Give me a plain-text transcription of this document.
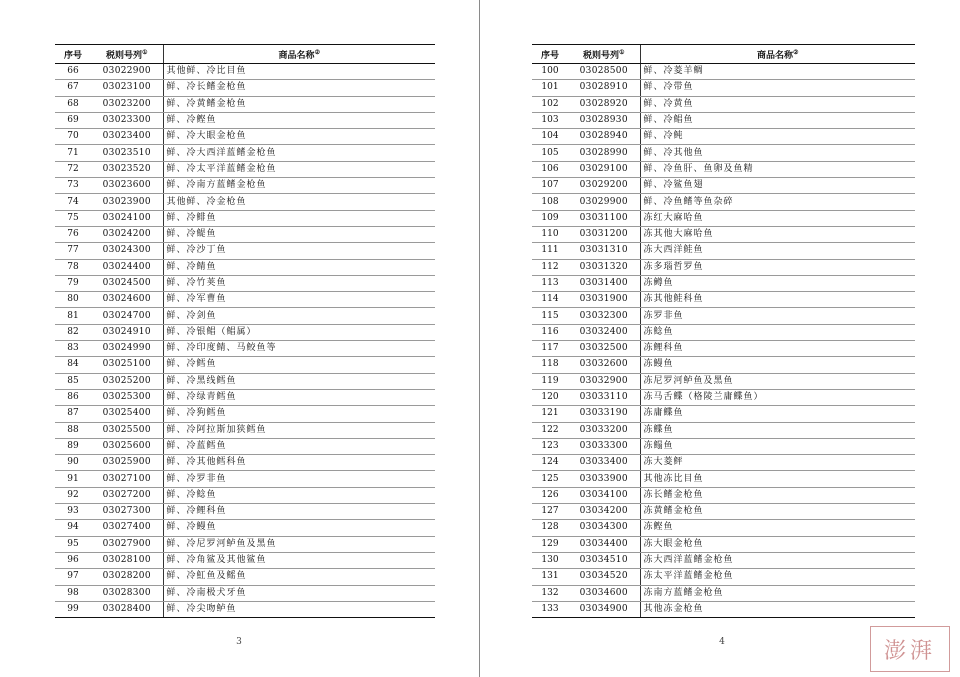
序号	税则号列①	商品名称②
66	03022900	其他鲜、冷比目鱼
67	03023100	鲜、冷长鳍金枪鱼
68	03023200	鲜、冷黄鳍金枪鱼
69	03023300	鲜、冷鲣鱼
70	03023400	鲜、冷大眼金枪鱼
71	03023510	鲜、冷大西洋蓝鳍金枪鱼
72	03023520	鲜、冷太平洋蓝鳍金枪鱼
73	03023600	鲜、冷南方蓝鳍金枪鱼
74	03023900	其他鲜、冷金枪鱼
75	03024100	鲜、冷鲱鱼
76	03024200	鲜、冷鳀鱼
77	03024300	鲜、冷沙丁鱼
78	03024400	鲜、冷鲭鱼
79	03024500	鲜、冷竹荚鱼
80	03024600	鲜、冷军曹鱼
81	03024700	鲜、冷剑鱼
82	03024910	鲜、冷银鲳（鲳属）
83	03024990	鲜、冷印度鲭、马鲛鱼等
84	03025100	鲜、冷鳕鱼
85	03025200	鲜、冷黑线鳕鱼
86	03025300	鲜、冷绿青鳕鱼
87	03025400	鲜、冷狗鳕鱼
88	03025500	鲜、冷阿拉斯加狭鳕鱼
89	03025600	鲜、冷蓝鳕鱼
90	03025900	鲜、冷其他鳕科鱼
91	03027100	鲜、冷罗非鱼
92	03027200	鲜、冷鲶鱼
93	03027300	鲜、冷鲤科鱼
94	03027400	鲜、冷鳗鱼
95	03027900	鲜、冷尼罗河鲈鱼及黑鱼
96	03028100	鲜、冷角鲨及其他鲨鱼
97	03028200	鲜、冷魟鱼及鳐鱼
98	03028300	鲜、冷南极犬牙鱼
99	03028400	鲜、冷尖吻鲈鱼
3
序号	税则号列①	商品名称②
100	03028500	鲜、冷菱羊鲷
101	03028910	鲜、冷带鱼
102	03028920	鲜、冷黄鱼
103	03028930	鲜、冷鲳鱼
104	03028940	鲜、冷鲀
105	03028990	鲜、冷其他鱼
106	03029100	鲜、冷鱼肝、鱼卵及鱼精
107	03029200	鲜、冷鲨鱼翅
108	03029900	鲜、冷鱼鳍等鱼杂碎
109	03031100	冻红大麻哈鱼
110	03031200	冻其他大麻哈鱼
111	03031310	冻大西洋鲑鱼
112	03031320	冻多瑙哲罗鱼
113	03031400	冻鳟鱼
114	03031900	冻其他鲑科鱼
115	03032300	冻罗非鱼
116	03032400	冻鲶鱼
117	03032500	冻鲤科鱼
118	03032600	冻鳗鱼
119	03032900	冻尼罗河鲈鱼及黑鱼
120	03033110	冻马舌鲽（格陵兰庸鲽鱼）
121	03033190	冻庸鲽鱼
122	03033200	冻鲽鱼
123	03033300	冻鳎鱼
124	03033400	冻大菱鲆
125	03033900	其他冻比目鱼
126	03034100	冻长鳍金枪鱼
127	03034200	冻黄鳍金枪鱼
128	03034300	冻鲣鱼
129	03034400	冻大眼金枪鱼
130	03034510	冻大西洋蓝鳍金枪鱼
131	03034520	冻太平洋蓝鳍金枪鱼
132	03034600	冻南方蓝鳍金枪鱼
133	03034900	其他冻金枪鱼
4	澎湃
